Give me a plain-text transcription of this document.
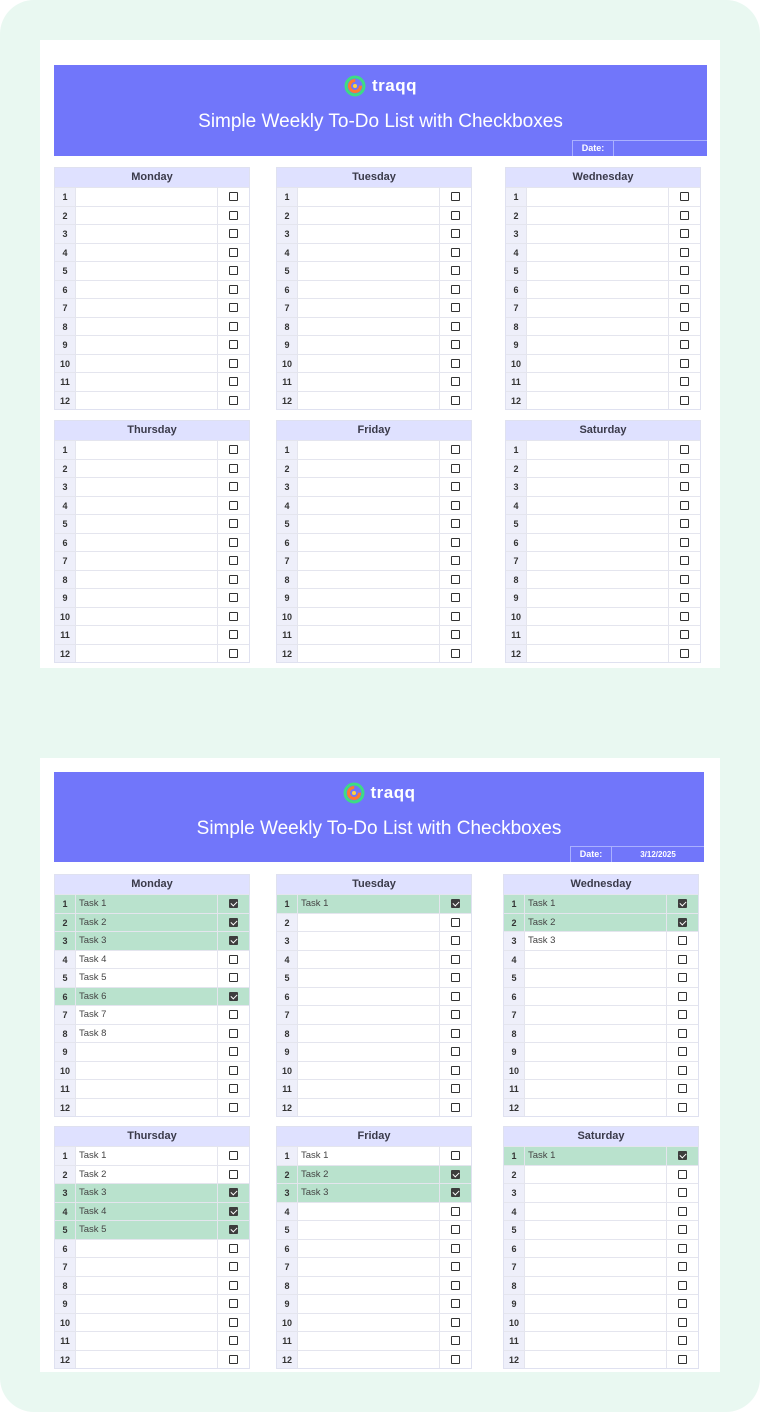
traqq
Simple Weekly To-Do List with Checkboxes
Date:
Monday
1
2
3
4
5
6
7
8
9
10
11
12
Tuesday
1
2
3
4
5
6
7
8
9
10
11
12
Wednesday
1
2
3
4
5
6
7
8
9
10
11
12
Thursday
1
2
3
4
5
6
7
8
9
10
11
12
Friday
1
2
3
4
5
6
7
8
9
10
11
12
Saturday
1
2
3
4
5
6
7
8
9
10
11
12
traqq
Simple Weekly To-Do List with Checkboxes
Date:	3/12/2025
Monday
1	Task 1
2	Task 2
3	Task 3
4	Task 4
5	Task 5
6	Task 6
7	Task 7
8	Task 8
9
10
11
12
Tuesday
1	Task 1
2
3
4
5
6
7
8
9
10
11
12
Wednesday
1	Task 1
2	Task 2
3	Task 3
4
5
6
7
8
9
10
11
12
Thursday
1	Task 1
2	Task 2
3	Task 3
4	Task 4
5	Task 5
6
7
8
9
10
11
12
Friday
1	Task 1
2	Task 2
3	Task 3
4
5
6
7
8
9
10
11
12
Saturday
1	Task 1
2
3
4
5
6
7
8
9
10
11
12
